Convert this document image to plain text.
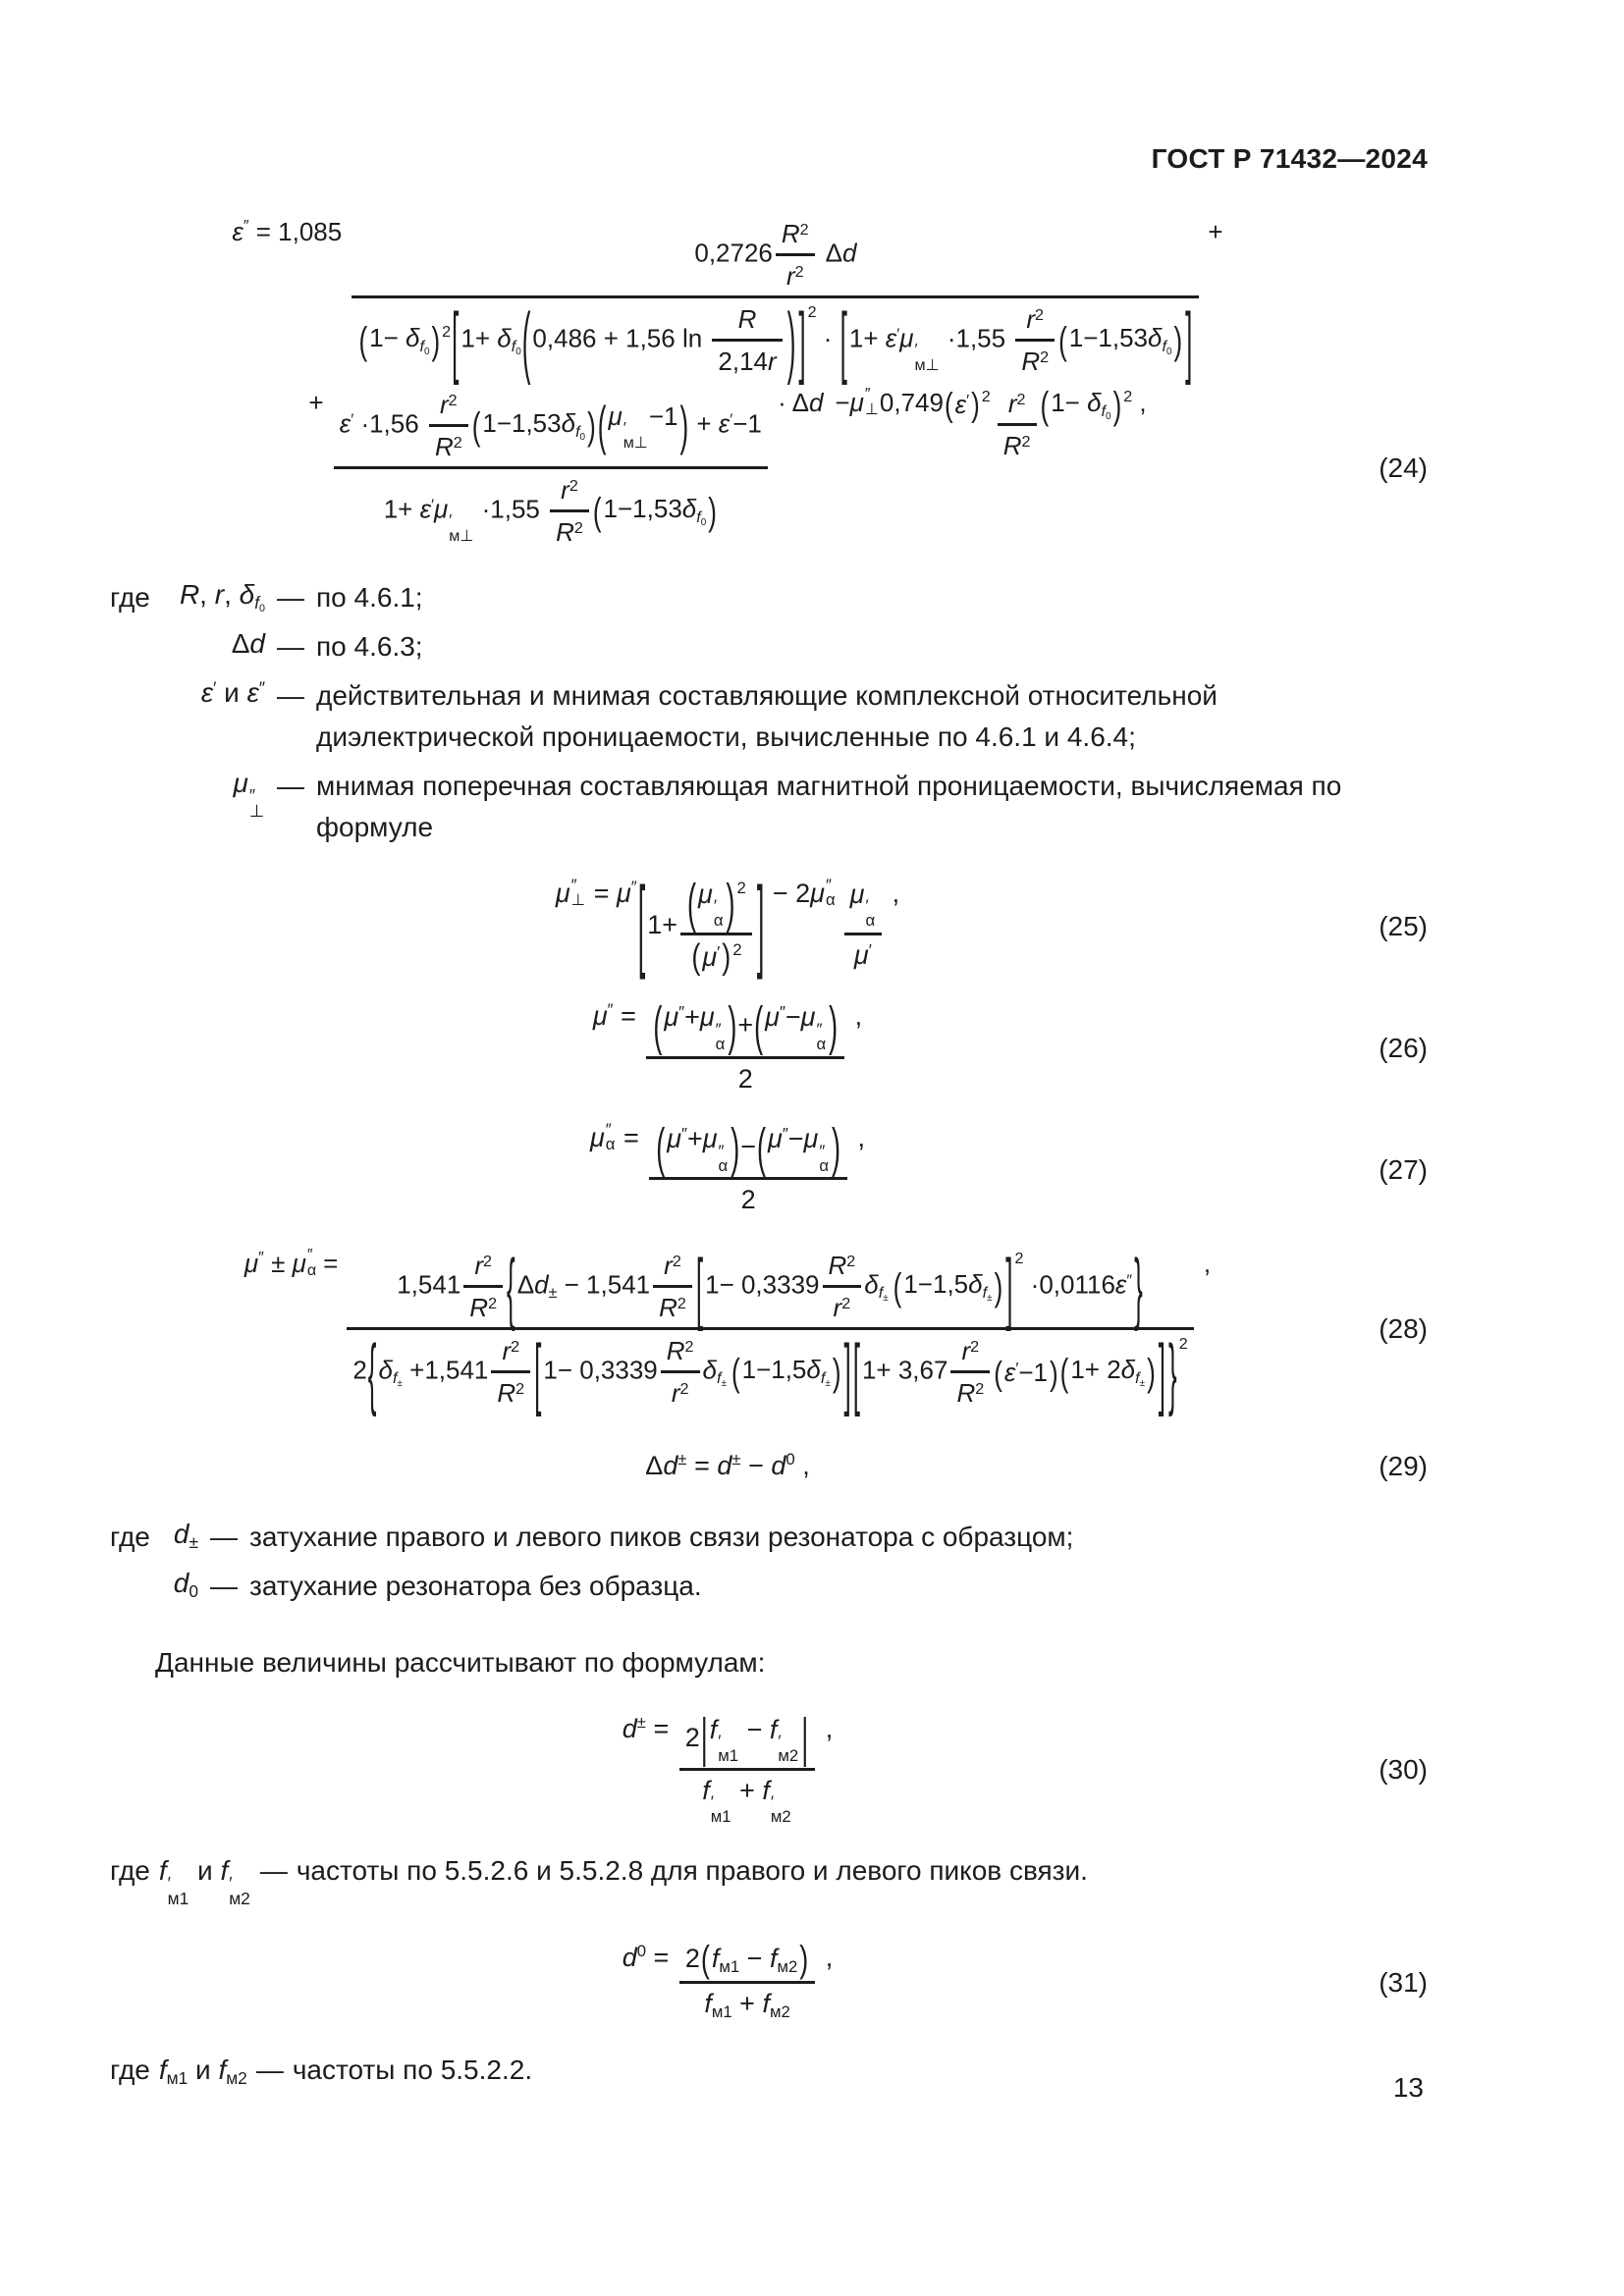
ГОСТ Р 71432—2024
ε ″ = 1,085
$0,2726 \frac{R^2}{r^2}$ Δd
(1− δf0) 2[1+ δf0(0,486 + 1,56 $\ln \frac{R}{2,14r}$ ) ] 2 · [1+ ε′μ ′
м⊥
$\cdot 1,55 \frac{r^2}{R^2} (1-1,53\delta f0)$ ]
+
+
$\varepsilon' \cdot 1,56 \frac{r^2}{R^2} (1-1,53\delta f0)(\mu$ ′
м⊥
−1) + ε′−1
1+ ε′μ ′
м⊥
$\cdot 1,55 \frac{r^2}{R^2} (1-1,53\delta f0)$
· Δ d − μ ″
⊥ 0,749 (ε′) 2 $r^2$
$R^2$
(1− δf0) 2 ,
(24)
где	R, r, δf0 — по 4.6.1;
Δd — по 4.6.3;
ε′ и ε″ — действительная и мнимая составляющие комплексной относительной диэлектрической проницаемости, вычисленные по 4.6.1 и 4.6.4;
μ ″
⊥
— мнимая поперечная составляющая магнитной проницаемости, вычисляемая по формуле
μ ″
⊥ = μ ″ [1+ (μ ′
α ) 2
(μ′) 2 ] − 2 μ ″
α μ ′
α
μ′
,
(25)
μ ″ = (μ″+μ ″
α )+(μ″−μ ″
α )
2 ,
(26)
μ ″
α = (μ″+μ ″
α )−(μ″−μ ″
α )
2 ,
(27)
μ ″ ± μ ″
α =
$1,541 \frac{r^2}{R^2} \{\Delta d\pm - 1,541 \frac{r^2}{R^2} [1- 0,3339 \frac{R^2}{r^2} \delta f\pm (1-1,5\delta f\pm)$ ] 2 ·0,0116ε″}
$2\{\delta f\pm +1,541 \frac{r^2}{R^2} [1- 0,3339 \frac{R^2}{r^2} \delta f\pm (1-1,5\delta f\pm)$ ][$1+ 3,67 \frac{r^2}{R^2} (\varepsilon'-1)(1+ 2\delta f\pm)$ ] } 2
,
(28)
Δ d ± = d ± − d 0 ,	(29)
где d± — затухание правого и левого пиков связи резонатора с образцом;
d0 — затухание резонатора без образца.
Данные величины рассчитывают по формулам:
d ± = 2|f ′
м1
− f ′
м2 |
f ′
м1
+ f ′
м2
,
(30)
где f ′
м1
и f ′
м2
— частоты по 5.5.2.6 и 5.5.2.8 для правого и левого пиков связи.
d 0 = 2(fм1 − fм2)
fм1 + fм2
,
(31)
где fм1 и fм2 — частоты по 5.5.2.2.
13
